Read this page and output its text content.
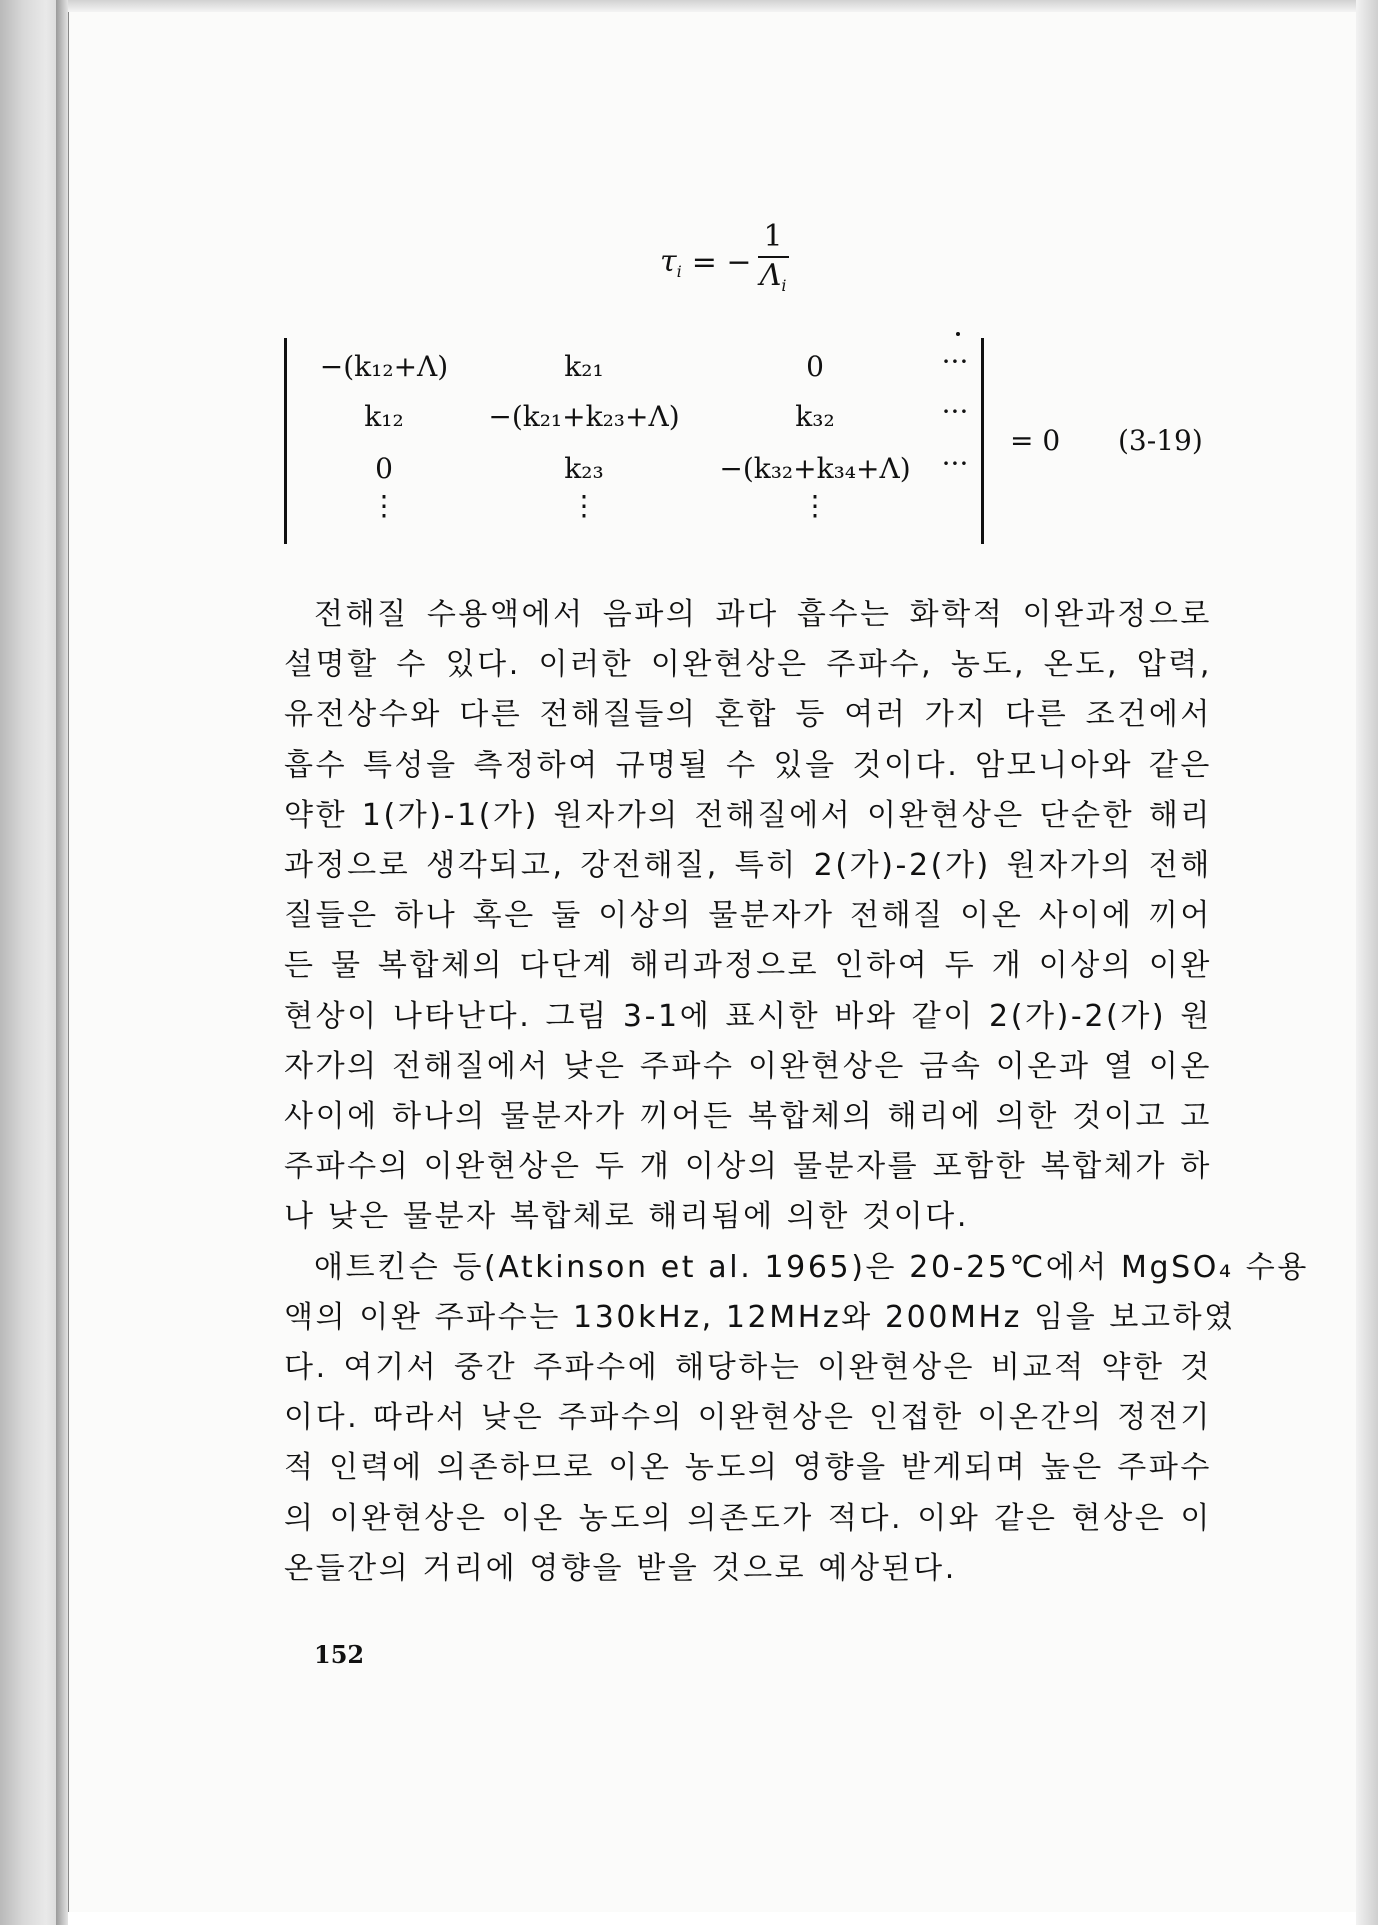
$\tau_i$ = − $\frac{1}{\Lambda_i}$
−(k₁₂+Λ)	k₂₁	0	···
k₁₂	−(k₂₁+k₂₃+Λ)	k₃₂	···
0	k₂₃	−(k₃₂+k₃₄+Λ) ···
⋮	⋮	⋮
= 0 (3-19)
전해질 수용액에서 음파의 과다 흡수는 화학적 이완과정으로
설명할 수 있다. 이러한 이완현상은 주파수, 농도, 온도, 압력,
유전상수와 다른 전해질들의 혼합 등 여러 가지 다른 조건에서
흡수 특성을 측정하여 규명될 수 있을 것이다. 암모니아와 같은
약한 1(가)-1(가) 원자가의 전해질에서 이완현상은 단순한 해리
과정으로 생각되고, 강전해질, 특히 2(가)-2(가) 원자가의 전해
질들은 하나 혹은 둘 이상의 물분자가 전해질 이온 사이에 끼어
든 물 복합체의 다단계 해리과정으로 인하여 두 개 이상의 이완
현상이 나타난다. 그림 3-1에 표시한 바와 같이 2(가)-2(가) 원
자가의 전해질에서 낮은 주파수 이완현상은 금속 이온과 열 이온
사이에 하나의 물분자가 끼어든 복합체의 해리에 의한 것이고 고
주파수의 이완현상은 두 개 이상의 물분자를 포함한 복합체가 하
나 낮은 물분자 복합체로 해리됨에 의한 것이다.
애트킨슨 등(Atkinson et al. 1965)은 20-25℃에서 MgSO₄ 수용
액의 이완 주파수는 130kHz, 12MHz와 200MHz 임을 보고하였
다. 여기서 중간 주파수에 해당하는 이완현상은 비교적 약한 것
이다. 따라서 낮은 주파수의 이완현상은 인접한 이온간의 정전기
적 인력에 의존하므로 이온 농도의 영향을 받게되며 높은 주파수
의 이완현상은 이온 농도의 의존도가 적다. 이와 같은 현상은 이
온들간의 거리에 영향을 받을 것으로 예상된다.
152
